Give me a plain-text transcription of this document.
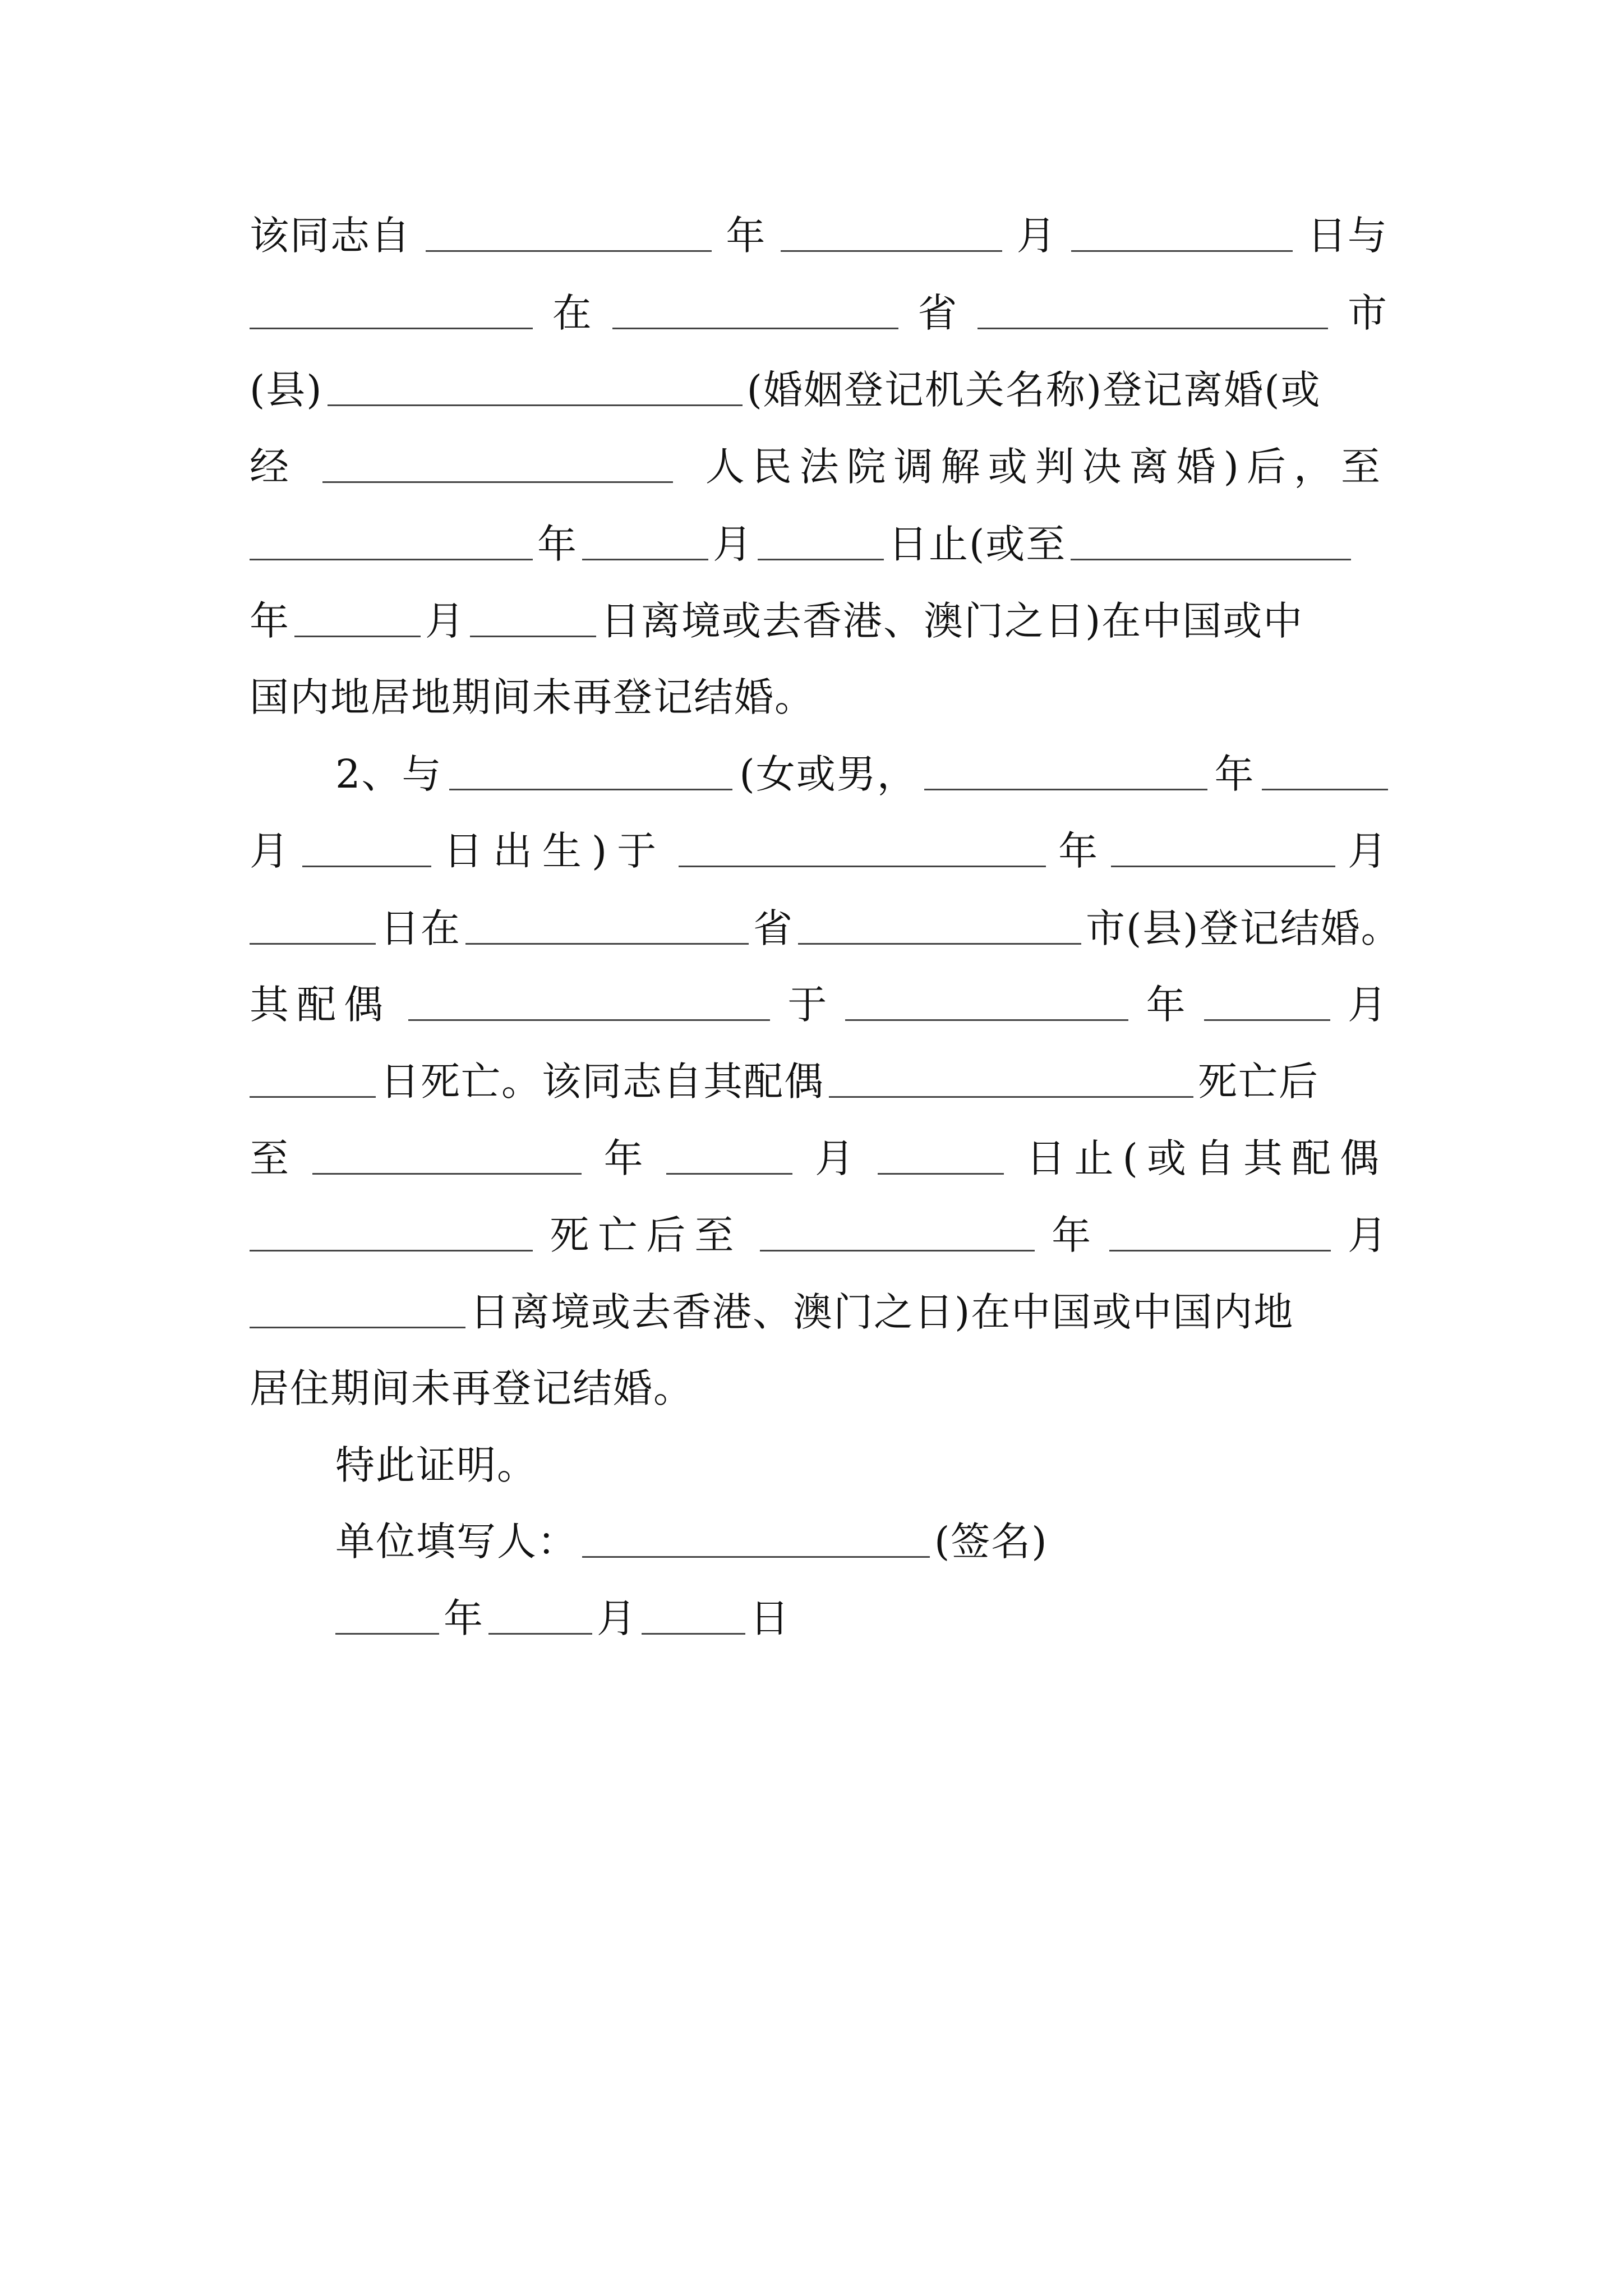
该同志自	年	月	日与
在	省	市
(县)	(婚姻登记机关名称)登记离婚(或
经	人民法院调解或判决离婚)后，至
年	月	日止(或至
年	月	日离境或去香港、澳门之日)在中国或中
国内地居地期间未再登记结婚。
2、与	(女或男，	年
月	日出生)于	年	月
日在	省	市(县)登记结婚。
其配偶	于	年	月
日死亡。该同志自其配偶	死亡后
至	年	月	日止(或自其配偶
死亡后至	年	月
日离境或去香港、澳门之日)在中国或中国内地
居住期间未再登记结婚。
特此证明。
单位填写人：	(签名)
年	月	日
